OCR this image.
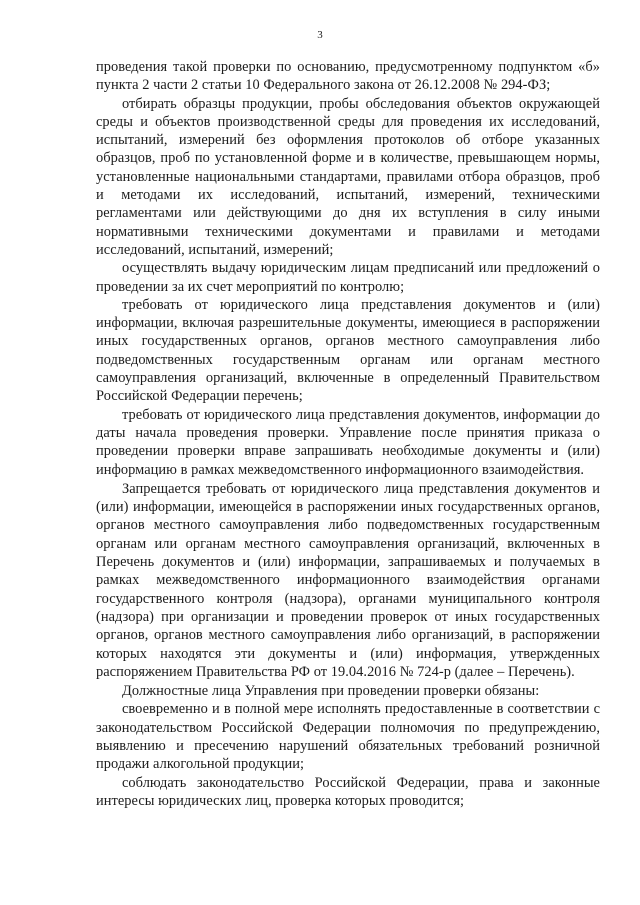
3

проведения такой проверки по основанию, предусмотренному подпунктом «б» пункта 2 части 2 статьи 10 Федерального закона от 26.12.2008 № 294-ФЗ;

отбирать образцы продукции, пробы обследования объектов окружающей среды и объектов производственной среды для проведения их исследований, испытаний, измерений без оформления протоколов об отборе указанных образцов, проб по установленной форме и в количестве, превышающем нормы, установленные национальными стандартами, правилами отбора образцов, проб и методами их исследований, испытаний, измерений, техническими регламентами или действующими до дня их вступления в силу иными нормативными техническими документами и правилами и методами исследований, испытаний, измерений;

осуществлять выдачу юридическим лицам предписаний или предложений о проведении за их счет мероприятий по контролю;

требовать от юридического лица представления документов и (или) информации, включая разрешительные документы, имеющиеся в распоряжении иных государственных органов, органов местного самоуправления либо подведомственных государственным органам или органам местного самоуправления организаций, включенные в определенный Правительством Российской Федерации перечень;

требовать от юридического лица представления документов, информации до даты начала проведения проверки. Управление после принятия приказа о проведении проверки вправе запрашивать необходимые документы и (или) информацию в рамках межведомственного информационного взаимодействия.

Запрещается требовать от юридического лица представления документов и (или) информации, имеющейся в распоряжении иных государственных органов, органов местного самоуправления либо подведомственных государственным органам или органам местного самоуправления организаций, включенных в Перечень документов и (или) информации, запрашиваемых и получаемых в рамках межведомственного информационного взаимодействия органами государственного контроля (надзора), органами муниципального контроля (надзора) при организации и проведении проверок от иных государственных органов, органов местного самоуправления либо организаций, в распоряжении которых находятся эти документы и (или) информация, утвержденных распоряжением Правительства РФ от 19.04.2016 № 724-р (далее – Перечень).

Должностные лица Управления при проведении проверки обязаны:

своевременно и в полной мере исполнять предоставленные в соответствии с законодательством Российской Федерации полномочия по предупреждению, выявлению и пресечению нарушений обязательных требований розничной продажи алкогольной продукции;

соблюдать законодательство Российской Федерации, права и законные интересы юридических лиц, проверка которых проводится;
